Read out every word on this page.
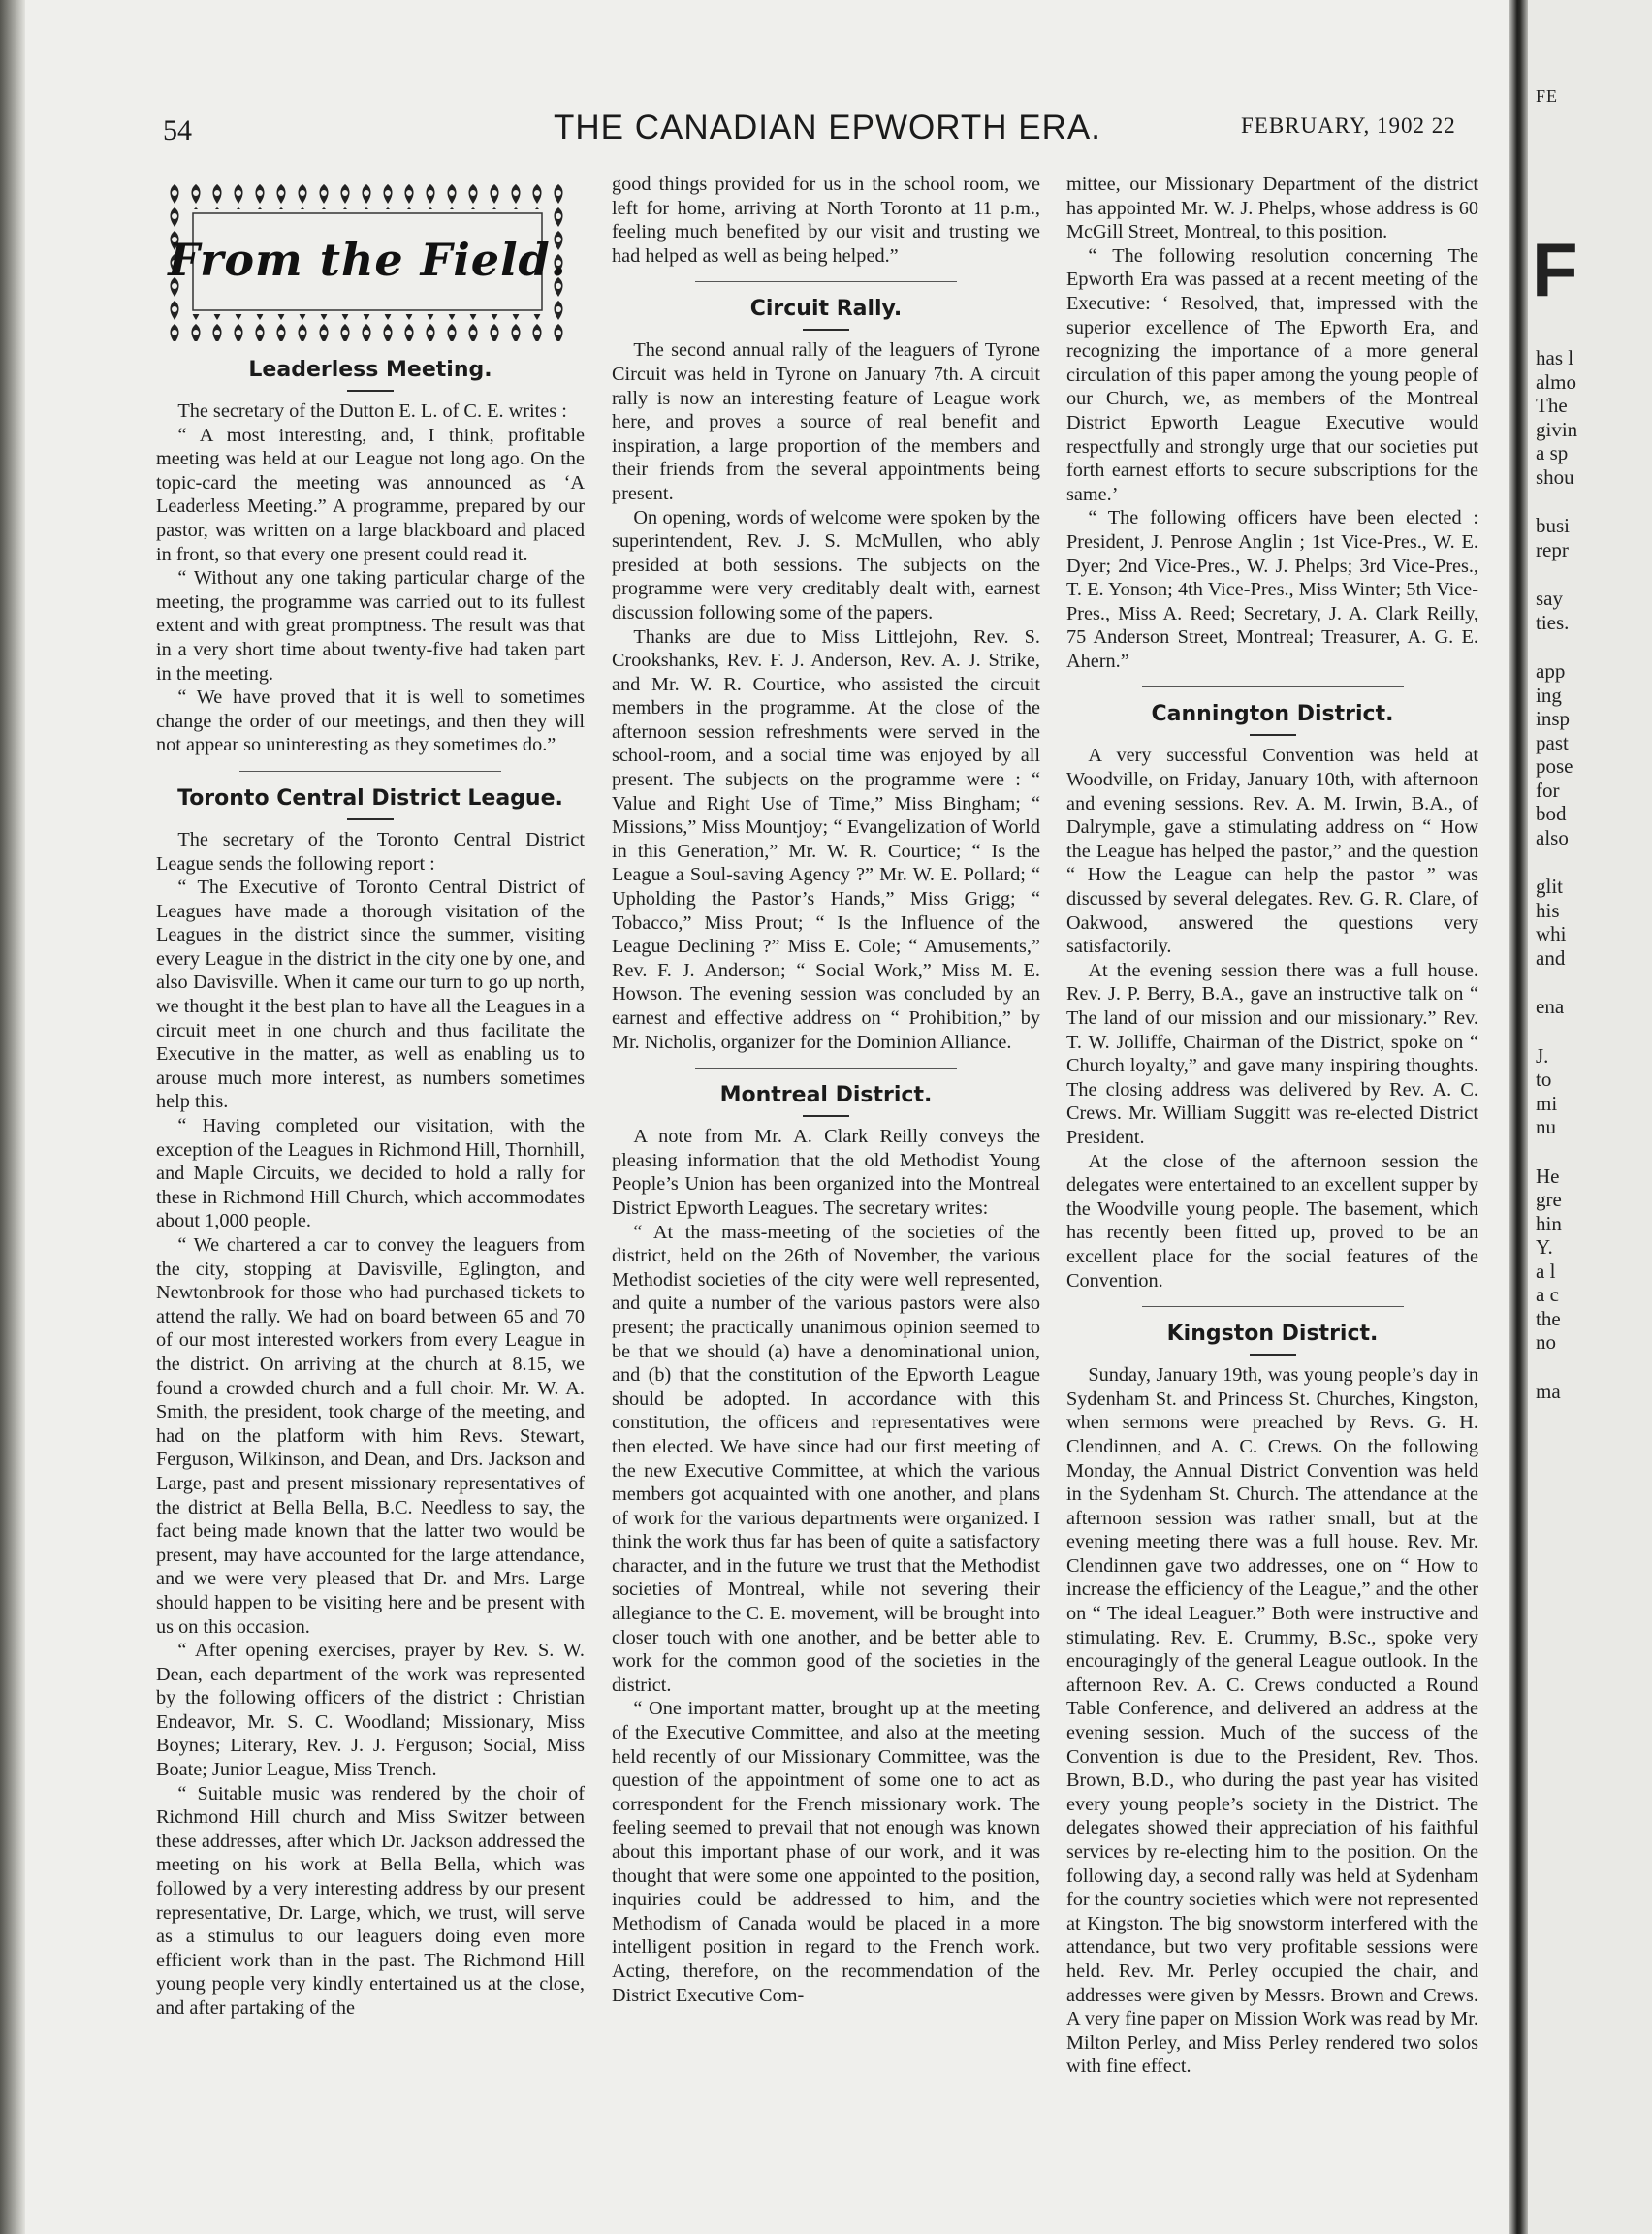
54	THE CANADIAN EPWORTH ERA.	FEBRUARY, 1902 22
From the Field.
Leaderless Meeting.

The secretary of the Dutton E. L. of C. E. writes :

“ A most interesting, and, I think, profitable meeting was held at our League not long ago. On the topic-card the meeting was announced as ‘A Leaderless Meeting.” A programme, prepared by our pastor, was written on a large blackboard and placed in front, so that every one present could read it.

“ Without any one taking particular charge of the meeting, the programme was carried out to its fullest extent and with great promptness. The result was that in a very short time about twenty-five had taken part in the meeting.

“ We have proved that it is well to sometimes change the order of our meetings, and then they will not appear so uninteresting as they sometimes do.”

Toronto Central District League.

The secretary of the Toronto Central District League sends the following report :

“ The Executive of Toronto Central District of Leagues have made a thorough visitation of the Leagues in the district since the summer, visiting every League in the district in the city one by one, and also Davisville. When it came our turn to go up north, we thought it the best plan to have all the Leagues in a circuit meet in one church and thus facilitate the Executive in the matter, as well as enabling us to arouse much more interest, as numbers sometimes help this.

“ Having completed our visitation, with the exception of the Leagues in Richmond Hill, Thornhill, and Maple Circuits, we decided to hold a rally for these in Richmond Hill Church, which accommodates about 1,000 people.

“ We chartered a car to convey the leaguers from the city, stopping at Davisville, Eglington, and Newtonbrook for those who had purchased tickets to attend the rally. We had on board between 65 and 70 of our most interested workers from every League in the district. On arriving at the church at 8.15, we found a crowded church and a full choir. Mr. W. A. Smith, the president, took charge of the meeting, and had on the platform with him Revs. Stewart, Ferguson, Wilkinson, and Dean, and Drs. Jackson and Large, past and present missionary representatives of the district at Bella Bella, B.C. Needless to say, the fact being made known that the latter two would be present, may have accounted for the large attendance, and we were very pleased that Dr. and Mrs. Large should happen to be visiting here and be present with us on this occasion.

“ After opening exercises, prayer by Rev. S. W. Dean, each department of the work was represented by the following officers of the district : Christian Endeavor, Mr. S. C. Woodland; Missionary, Miss Boynes; Literary, Rev. J. J. Ferguson; Social, Miss Boate; Junior League, Miss Trench.

“ Suitable music was rendered by the choir of Richmond Hill church and Miss Switzer between these addresses, after which Dr. Jackson addressed the meeting on his work at Bella Bella, which was followed by a very interesting address by our present representative, Dr. Large, which, we trust, will serve as a stimulus to our leaguers doing even more efficient work than in the past. The Richmond Hill young people very kindly entertained us at the close, and after partaking of the

good things provided for us in the school room, we left for home, arriving at North Toronto at 11 p.m., feeling much benefited by our visit and trusting we had helped as well as being helped.”

Circuit Rally.

The second annual rally of the leaguers of Tyrone Circuit was held in Tyrone on January 7th. A circuit rally is now an interesting feature of League work here, and proves a source of real benefit and inspiration, a large proportion of the members and their friends from the several appointments being present.

On opening, words of welcome were spoken by the superintendent, Rev. J. S. McMullen, who ably presided at both sessions. The subjects on the programme were very creditably dealt with, earnest discussion following some of the papers.

Thanks are due to Miss Littlejohn, Rev. S. Crookshanks, Rev. F. J. Anderson, Rev. A. J. Strike, and Mr. W. R. Courtice, who assisted the circuit members in the programme. At the close of the afternoon session refreshments were served in the school-room, and a social time was enjoyed by all present. The subjects on the programme were : “ Value and Right Use of Time,” Miss Bingham; “ Missions,” Miss Mountjoy; “ Evangelization of World in this Generation,” Mr. W. R. Courtice; “ Is the League a Soul-saving Agency ?” Mr. W. E. Pollard; “ Upholding the Pastor’s Hands,” Miss Grigg; “ Tobacco,” Miss Prout; “ Is the Influence of the League Declining ?” Miss E. Cole; “ Amusements,” Rev. F. J. Anderson; “ Social Work,” Miss M. E. Howson. The evening session was concluded by an earnest and effective address on “ Prohibition,” by Mr. Nicholis, organizer for the Dominion Alliance.

Montreal District.

A note from Mr. A. Clark Reilly conveys the pleasing information that the old Methodist Young People’s Union has been organized into the Montreal District Epworth Leagues. The secretary writes:

“ At the mass-meeting of the societies of the district, held on the 26th of November, the various Methodist societies of the city were well represented, and quite a number of the various pastors were also present; the practically unanimous opinion seemed to be that we should (a) have a denominational union, and (b) that the constitution of the Epworth League should be adopted. In accordance with this constitution, the officers and representatives were then elected. We have since had our first meeting of the new Executive Committee, at which the various members got acquainted with one another, and plans of work for the various departments were organized. I think the work thus far has been of quite a satisfactory character, and in the future we trust that the Methodist societies of Montreal, while not severing their allegiance to the C. E. movement, will be brought into closer touch with one another, and be better able to work for the common good of the societies in the district.

“ One important matter, brought up at the meeting of the Executive Committee, and also at the meeting held recently of our Missionary Committee, was the question of the appointment of some one to act as correspondent for the French missionary work. The feeling seemed to prevail that not enough was known about this important phase of our work, and it was thought that were some one appointed to the position, inquiries could be addressed to him, and the Methodism of Canada would be placed in a more intelligent position in regard to the French work. Acting, therefore, on the recommendation of the District Executive Com-

mittee, our Missionary Department of the district has appointed Mr. W. J. Phelps, whose address is 60 McGill Street, Montreal, to this position.

“ The following resolution concerning The Epworth Era was passed at a recent meeting of the Executive: ‘ Resolved, that, impressed with the superior excellence of The Epworth Era, and recognizing the importance of a more general circulation of this paper among the young people of our Church, we, as members of the Montreal District Epworth League Executive would respectfully and strongly urge that our societies put forth earnest efforts to secure subscriptions for the same.’

“ The following officers have been elected : President, J. Penrose Anglin ; 1st Vice-Pres., W. E. Dyer; 2nd Vice-Pres., W. J. Phelps; 3rd Vice-Pres., T. E. Yonson; 4th Vice-Pres., Miss Winter; 5th Vice-Pres., Miss A. Reed; Secretary, J. A. Clark Reilly, 75 Anderson Street, Montreal; Treasurer, A. G. E. Ahern.”

Cannington District.

A very successful Convention was held at Woodville, on Friday, January 10th, with afternoon and evening sessions. Rev. A. M. Irwin, B.A., of Dalrymple, gave a stimulating address on “ How the League has helped the pastor,” and the question “ How the League can help the pastor ” was discussed by several delegates. Rev. G. R. Clare, of Oakwood, answered the questions very satisfactorily.

At the evening session there was a full house. Rev. J. P. Berry, B.A., gave an instructive talk on “ The land of our mission and our missionary.” Rev. T. W. Jolliffe, Chairman of the District, spoke on “ Church loyalty,” and gave many inspiring thoughts. The closing address was delivered by Rev. A. C. Crews. Mr. William Suggitt was re-elected District President.

At the close of the afternoon session the delegates were entertained to an excellent supper by the Woodville young people. The basement, which has recently been fitted up, proved to be an excellent place for the social features of the Convention.

Kingston District.

Sunday, January 19th, was young people’s day in Sydenham St. and Princess St. Churches, Kingston, when sermons were preached by Revs. G. H. Clendinnen, and A. C. Crews. On the following Monday, the Annual District Convention was held in the Sydenham St. Church. The attendance at the afternoon session was rather small, but at the evening meeting there was a full house. Rev. Mr. Clendinnen gave two addresses, one on “ How to increase the efficiency of the League,” and the other on “ The ideal Leaguer.” Both were instructive and stimulating. Rev. E. Crummy, B.Sc., spoke very encouragingly of the general League outlook. In the afternoon Rev. A. C. Crews conducted a Round Table Conference, and delivered an address at the evening session. Much of the success of the Convention is due to the President, Rev. Thos. Brown, B.D., who during the past year has visited every young people’s society in the District. The delegates showed their appreciation of his faithful services by re-electing him to the position. On the following day, a second rally was held at Sydenham for the country societies which were not represented at Kingston. The big snowstorm interfered with the attendance, but two very profitable sessions were held. Rev. Mr. Perley occupied the chair, and addresses were given by Messrs. Brown and Crews. A very fine paper on Mission Work was read by Mr. Milton Perley, and Miss Perley rendered two solos with fine effect.

FE
F
has l
almo
The
givin
a sp
shou
busi
repr
say
ties.
app
ing
insp
past
pose
for
bod
also
glit
his
whi
and
ena
J.
to
mi
nu
He
gre
hin
Y.
a l
a c
the
no
ma
